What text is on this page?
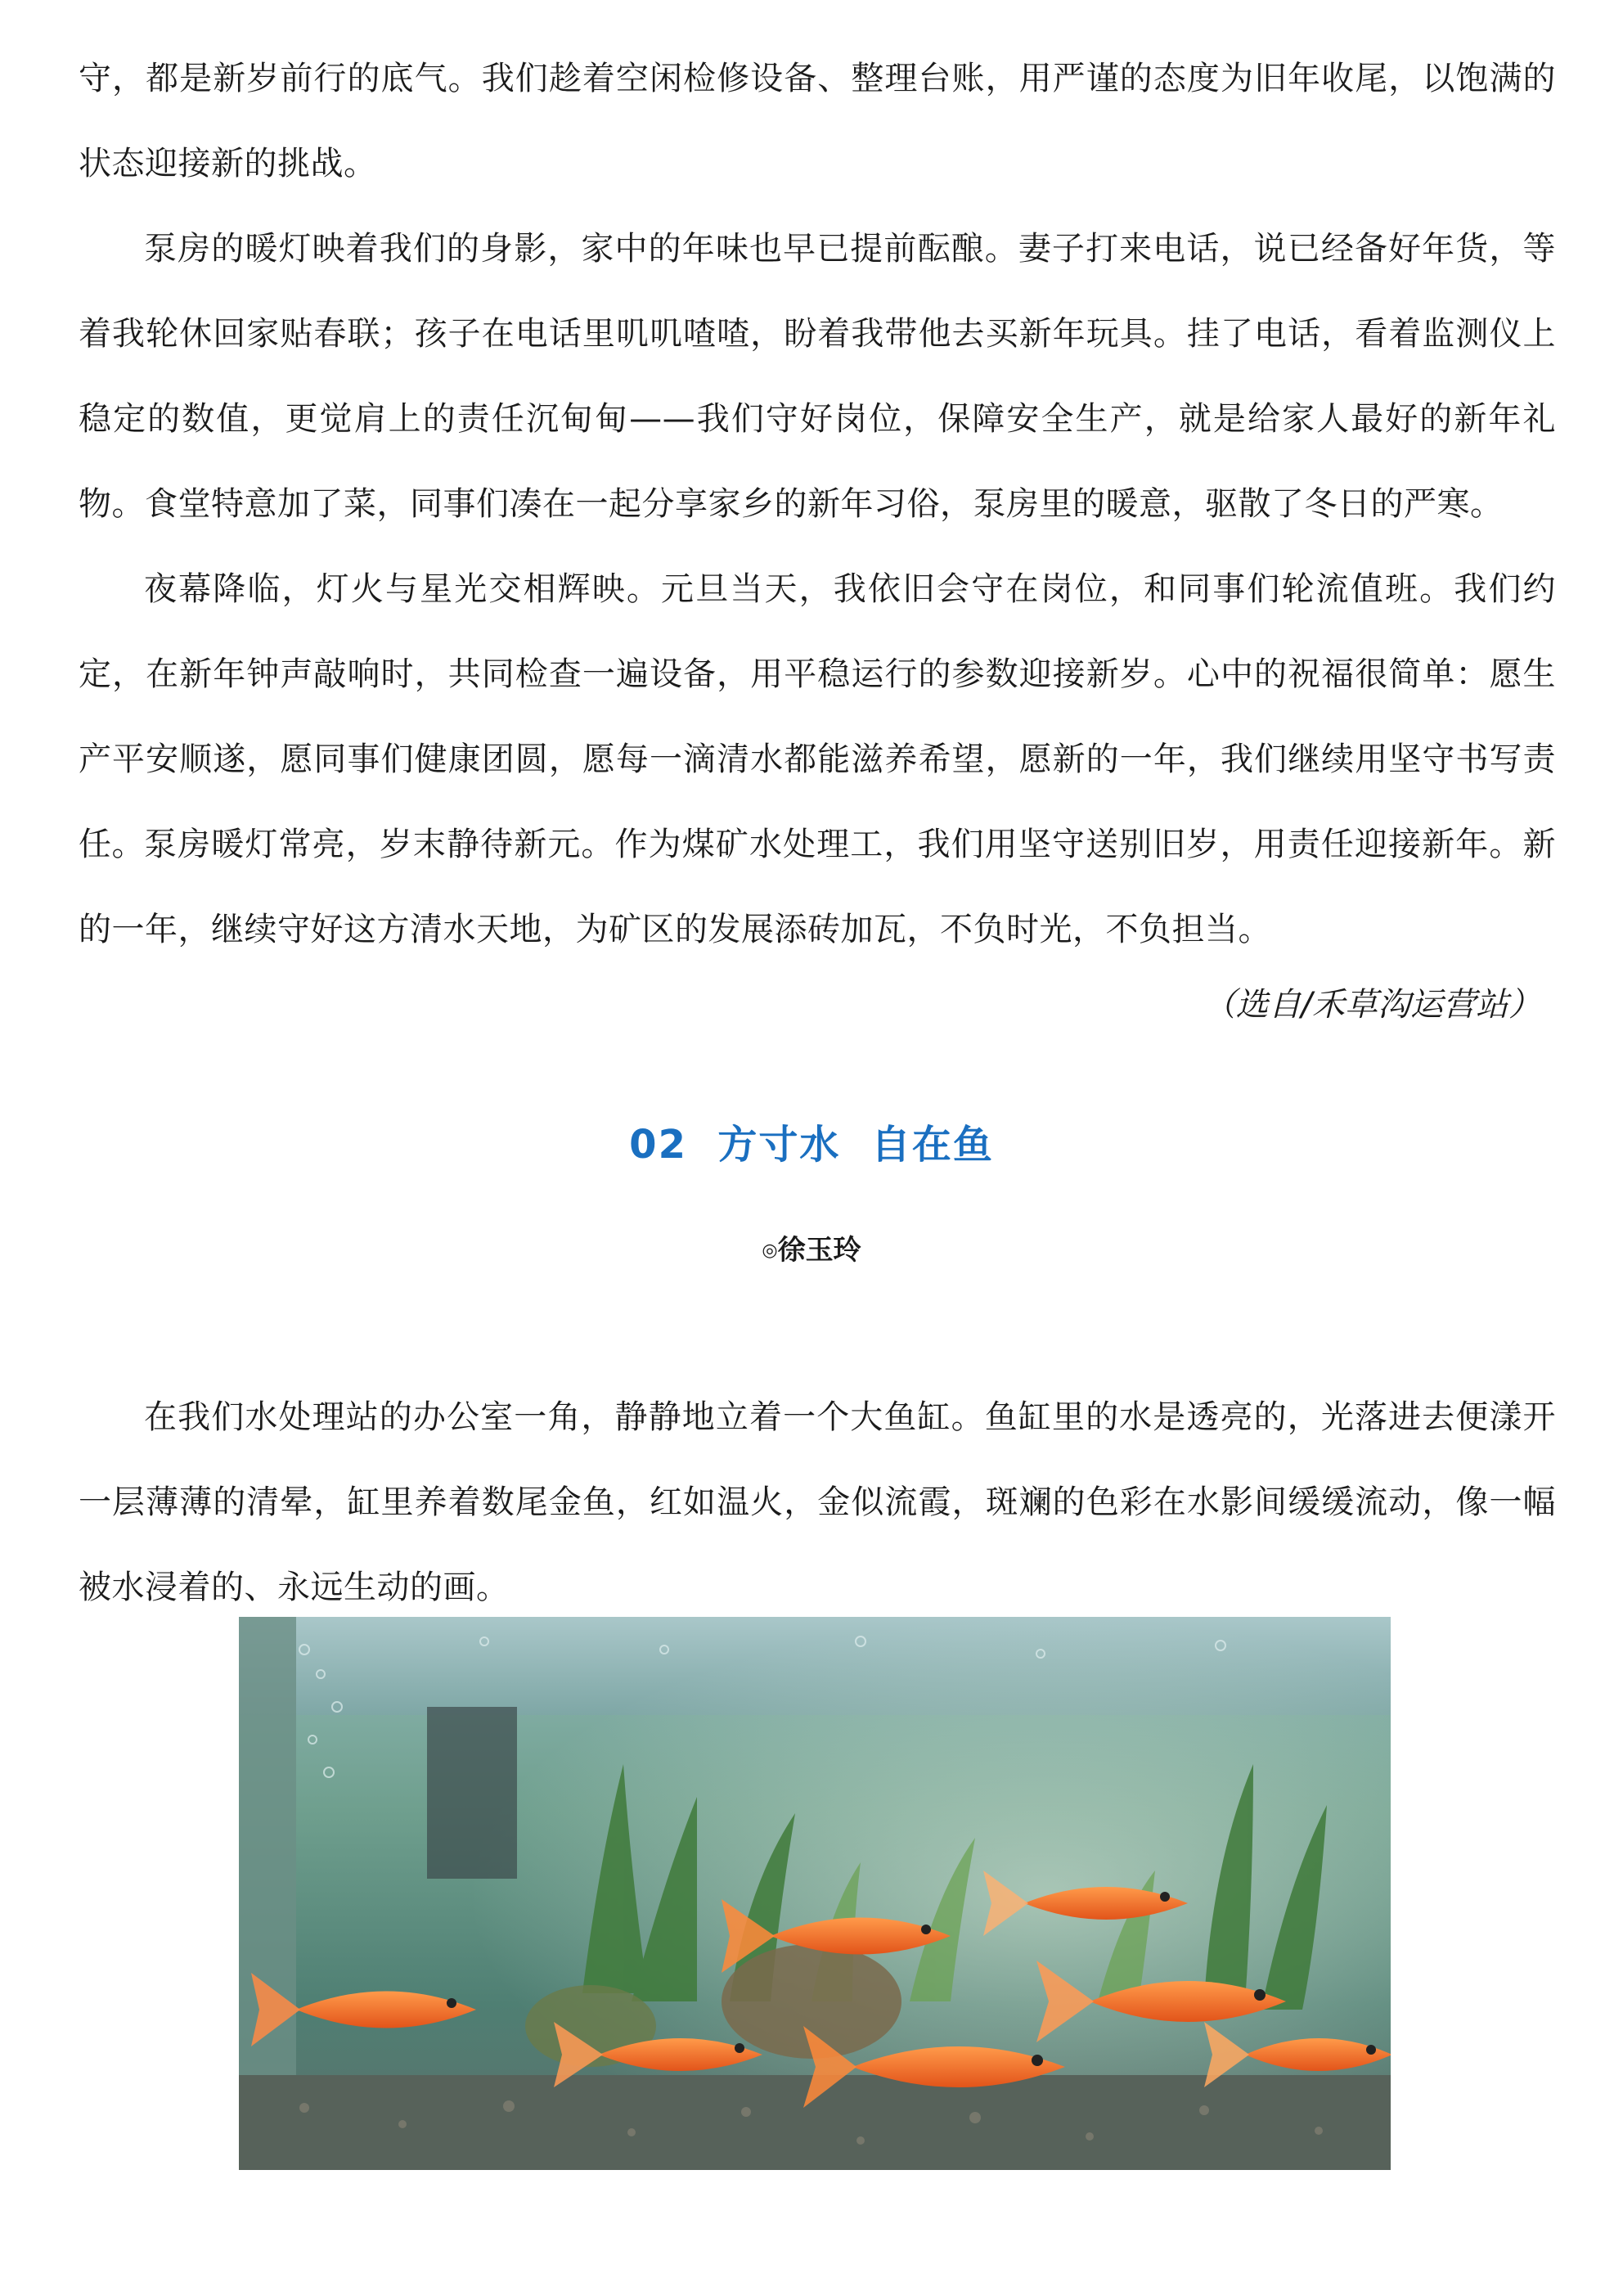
守，都是新岁前行的底气。我们趁着空闲检修设备、整理台账，用严谨的态度为旧年收尾，以饱满的状态迎接新的挑战。

泵房的暖灯映着我们的身影，家中的年味也早已提前酝酿。妻子打来电话，说已经备好年货，等着我轮休回家贴春联；孩子在电话里叽叽喳喳，盼着我带他去买新年玩具。挂了电话，看着监测仪上稳定的数值，更觉肩上的责任沉甸甸——我们守好岗位，保障安全生产，就是给家人最好的新年礼物。食堂特意加了菜，同事们凑在一起分享家乡的新年习俗，泵房里的暖意，驱散了冬日的严寒。

夜幕降临，灯火与星光交相辉映。元旦当天，我依旧会守在岗位，和同事们轮流值班。我们约定，在新年钟声敲响时，共同检查一遍设备，用平稳运行的参数迎接新岁。心中的祝福很简单：愿生产平安顺遂，愿同事们健康团圆，愿每一滴清水都能滋养希望，愿新的一年，我们继续用坚守书写责任。 泵房暖灯常亮，岁末静待新元。作为煤矿水处理工，我们用坚守送别旧岁，用责任迎接新年。新的一年，继续守好这方清水天地，为矿区的发展添砖加瓦，不负时光，不负担当。

（选自/禾草沟运营站）

02  方寸水  自在鱼

◎徐玉玲

在我们水处理站的办公室一角，静静地立着一个大鱼缸。鱼缸里的水是透亮的，光落进去便漾开一层薄薄的清晕，缸里养着数尾金鱼，红如温火，金似流霞，斑斓的色彩在水影间缓缓流动，像一幅被水浸着的、永远生动的画。
